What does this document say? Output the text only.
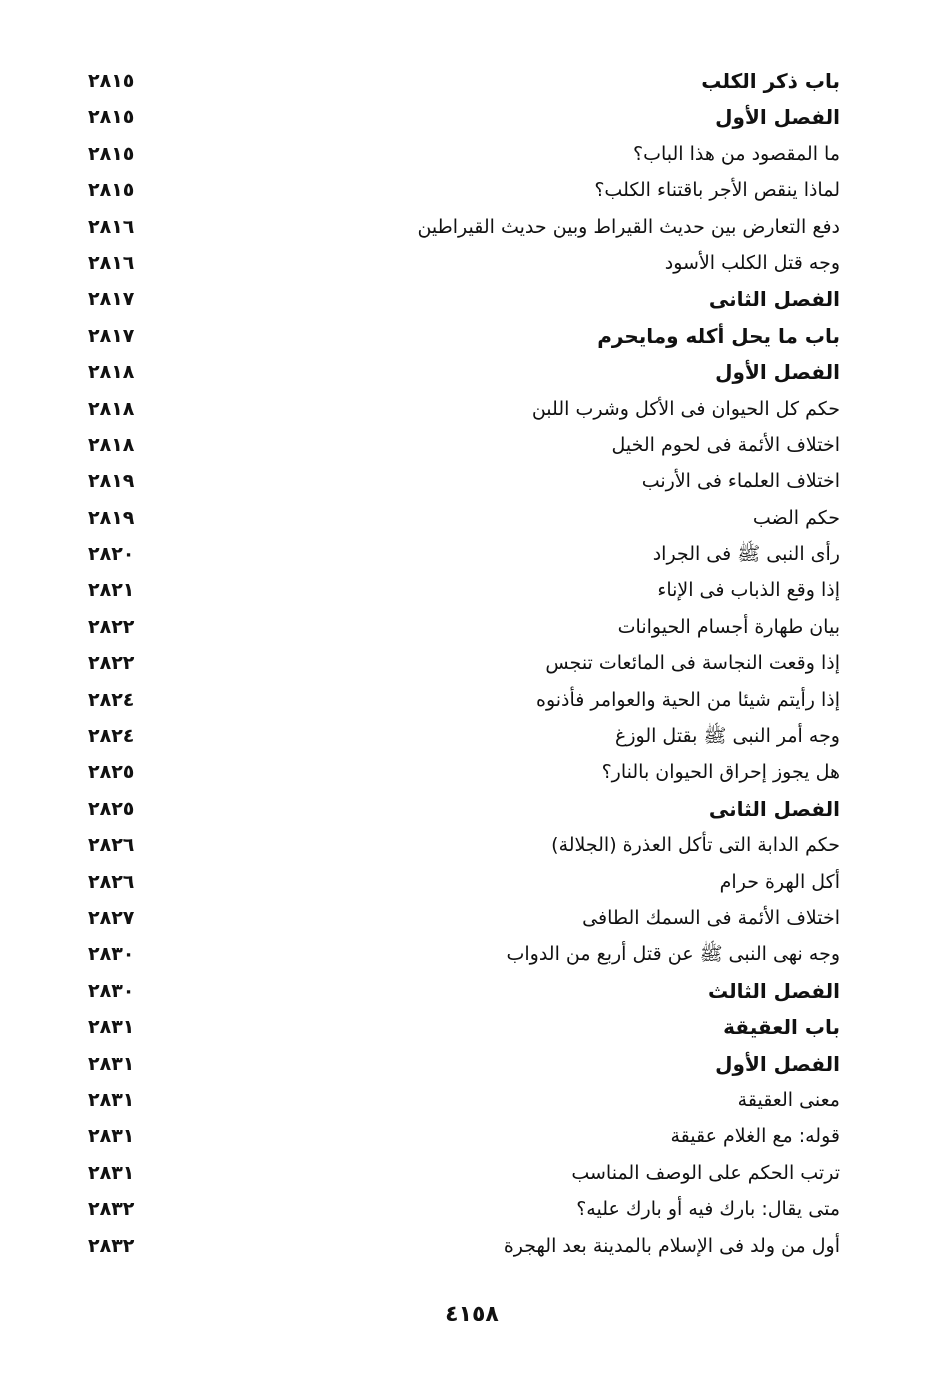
باب ذكر الكلب
٢٨١٥
الفصل الأول
٢٨١٥
ما المقصود من هذا الباب؟
٢٨١٥
لماذا ينقص الأجر باقتناء الكلب؟
٢٨١٥
دفع التعارض بين حديث القيراط وبين حديث القيراطين
٢٨١٦
وجه قتل الكلب الأسود
٢٨١٦
الفصل الثانى
٢٨١٧
باب ما يحل أكله ومايحرم
٢٨١٧
الفصل الأول
٢٨١٨
حكم كل الحيوان فى الأكل وشرب اللبن
٢٨١٨
اختلاف الأئمة فى لحوم الخيل
٢٨١٨
اختلاف العلماء فى الأرنب
٢٨١٩
حكم الضب
٢٨١٩
رأى النبى ﷺ فى الجراد
٢٨٢٠
إذا وقع الذباب فى الإناء
٢٨٢١
بيان طهارة أجسام الحيوانات
٢٨٢٢
إذا وقعت النجاسة فى المائعات تنجس
٢٨٢٢
إذا رأيتم شيئا من الحية والعوامر فأذنوه
٢٨٢٤
وجه أمر النبى ﷺ بقتل الوزغ
٢٨٢٤
هل يجوز إحراق الحيوان بالنار؟
٢٨٢٥
الفصل الثانى
٢٨٢٥
حكم الدابة التى تأكل العذرة (الجلالة)
٢٨٢٦
أكل الهرة حرام
٢٨٢٦
اختلاف الأئمة فى السمك الطافى
٢٨٢٧
وجه نهى النبى ﷺ عن قتل أربع من الدواب
٢٨٣٠
الفصل الثالث
٢٨٣٠
باب العقيقة
٢٨٣١
الفصل الأول
٢٨٣١
معنى العقيقة
٢٨٣١
قوله: مع الغلام عقيقة
٢٨٣١
ترتب الحكم على الوصف المناسب
٢٨٣١
متى يقال: بارك فيه أو بارك عليه؟
٢٨٣٢
أول من ولد فى الإسلام بالمدينة بعد الهجرة
٢٨٣٢
٤١٥٨
